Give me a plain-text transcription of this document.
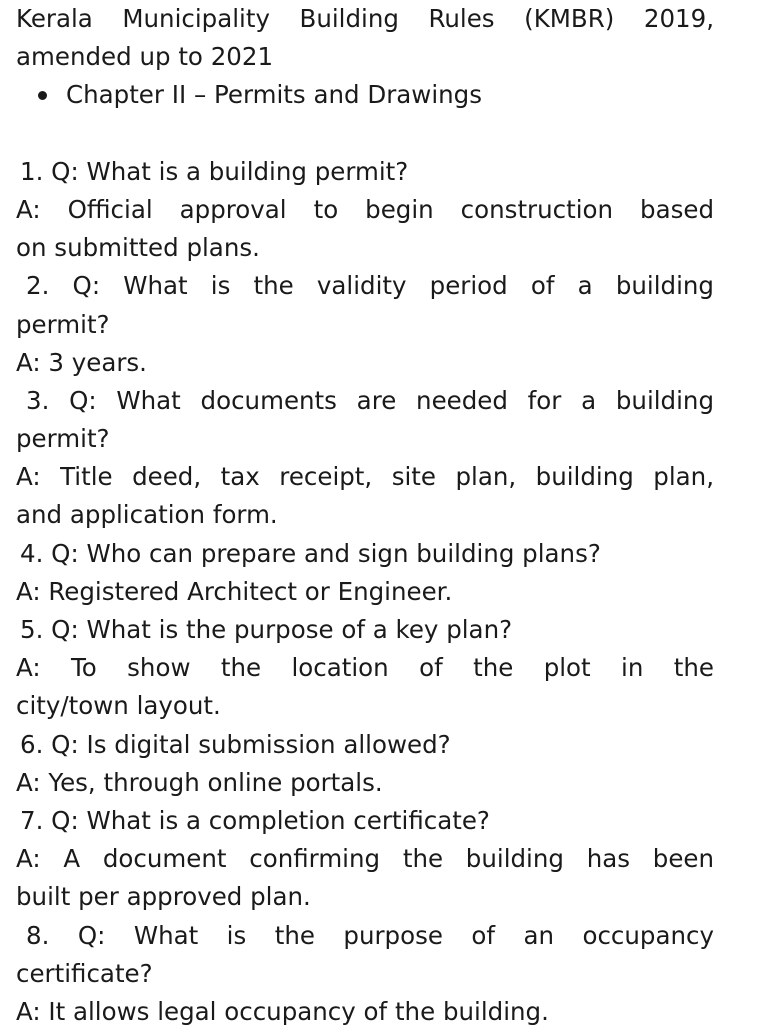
Kerala Municipality Building Rules (KMBR) 2019,
amended up to 2021
Chapter II – Permits and Drawings
1. Q: What is a building permit?
A: Official approval to begin construction based
on submitted plans.
2. Q: What is the validity period of a building
permit?
A: 3 years.
3. Q: What documents are needed for a building
permit?
A: Title deed, tax receipt, site plan, building plan,
and application form.
4. Q: Who can prepare and sign building plans?
A: Registered Architect or Engineer.
5. Q: What is the purpose of a key plan?
A: To show the location of the plot in the
city/town layout.
6. Q: Is digital submission allowed?
A: Yes, through online portals.
7. Q: What is a completion certificate?
A: A document confirming the building has been
built per approved plan.
8. Q: What is the purpose of an occupancy
certificate?
A: It allows legal occupancy of the building.
